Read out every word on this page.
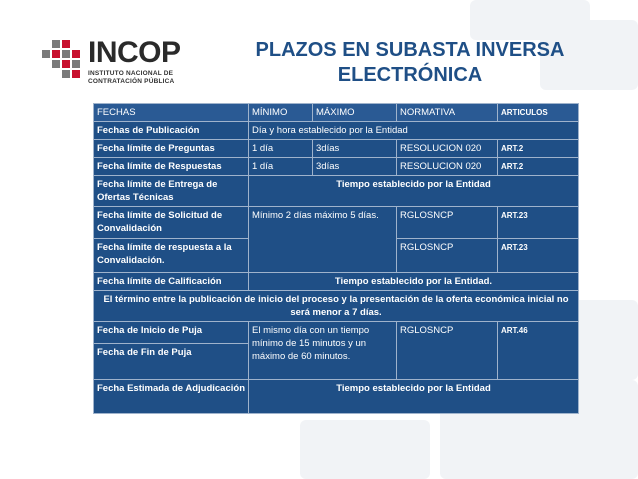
INCOP
INSTITUTO NACIONAL DE
CONTRATACIÓN PÚBLICA
PLAZOS EN SUBASTA INVERSA
ELECTRÓNICA
FECHAS	MÍNIMO	MÁXIMO	NORMATIVA	ARTICULOS
Fechas de Publicación	Día y hora establecido por la Entidad			
Fecha límite de Preguntas	1 día	3días	RESOLUCION 020	ART.2
Fecha límite de Respuestas	1 día	3días	RESOLUCION 020	ART.2
Fecha límite de Entrega de Ofertas Técnicas	Tiempo establecido por la Entidad			
Fecha límite de Solicitud de Convalidación	Mínimo 2 días máximo 5 días.		RGLOSNCP	ART.23
Fecha límite de respuesta a la Convalidación.			RGLOSNCP	ART.23
Fecha límite de Calificación	Tiempo establecido por la Entidad.			
El término entre la publicación de inicio del proceso y la presentación de la oferta económica inicial no será menor a 7 días.				
Fecha de Inicio de Puja	El mismo día con un tiempo mínimo de 15 minutos y un máximo de 60 minutos.		RGLOSNCP	ART.46
Fecha de Fin de Puja				
Fecha Estimada de Adjudicación	Tiempo establecido por la Entidad			
